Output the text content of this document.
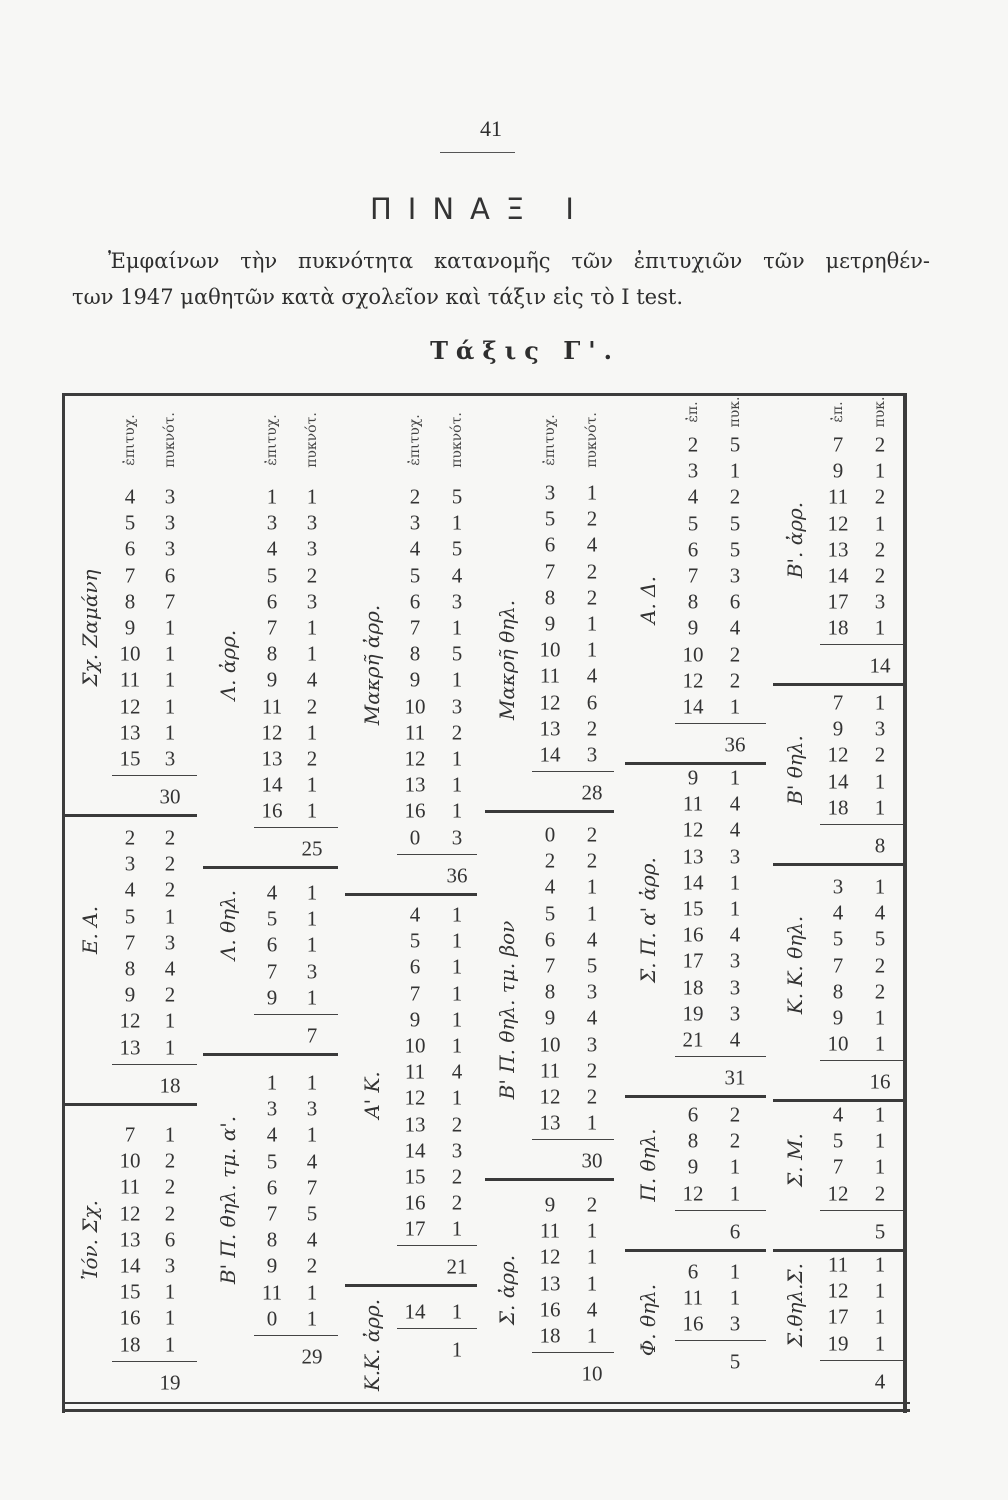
41
ΠΙΝΑΞ Ι
Ἐμφαίνων τὴν πυκνότητα κατανομῆς τῶν ἐπιτυχιῶν τῶν μετρηθέν-
των 1947 μαθητῶν κατὰ σχολεῖον καὶ τάξιν εἰς τὸ I test.
Τάξις Γ'.
ἐπιτυχ. πυκνότ.
Σχ. Ζαμάνη
4 3
5 3
6 3
7 6
8 7
9 1
10 1
11 1
12 1
13 1
15 3
30
Ε. Α.
2 2
3 2
4 2
5 1
7 3
8 4
9 2
12 1
13 1
18
Ἰόν. Σχ.
7 1
10 2
11 2
12 2
13 6
14 3
15 1
16 1
18 1
19
ἐπιτυχ. πυκνότ.
Λ. ἀρρ.
1 1
3 3
4 3
5 2
6 3
7 1
8 1
9 4
11 2
12 1
13 2
14 1
16 1
25
Λ. θηλ. 4 1
5 1
6 1
7 3
9 1
7
Β' Π. θηλ. τμ. α'.
1 1
3 3
4 1
5 4
6 7
7 5
8 4
9 2
11 1
0 1
29
ἐπιτυχ. πυκνότ.
Μακρῆ ἀρρ.
2 5
3 1
4 5
5 4
6 3
7 1
8 5
9 1
10 3
11 2
12 1
13 1
16 1
0 3
36
Α' Κ.
4 1
5 1
6 1
7 1
9 1
10 1
11 4
12 1
13 2
14 3
15 2
16 2
17 1
21
Κ.Κ. ἀρρ. 14 1
1
ἐπιτυχ. πυκνότ.
Μακρῆ θηλ.
3 1
5 2
6 4
7 2
8 2
9 1
10 1
11 4
12 6
13 2
14 3
28
Β' Π. θηλ. τμ. βον
0 2
2 2
4 1
5 1
6 4
7 5
8 3
9 4
10 3
11 2
12 2
13 1
30
Σ. ἀρρ.
9 2
11 1
12 1
13 1
16 4
18 1
10
ἐπ. πυκ.
Α. Δ.
2 5
3 1
4 2
5 5
6 5
7 3
8 6
9 4
10 2
12 2
14 1
36
Σ. Π. α' ἀρρ.
9 1
11 4
12 4
13 3
14 1
15 1
16 4
17 3
18 3
19 3
21 4
31
Π. θηλ.
6 2
8 2
9 1
12 1
6
Φ. θηλ.
6 1
11 1
16 3
5
ἐπ. πυκ.
Β'. ἀρρ.
7 2
9 1
11 2
12 1
13 2
14 2
17 3
18 1
14
Β' θηλ.
7 1
9 3
12 2
14 1
18 1
8
Κ. Κ. θηλ.
3 1
4 4
5 5
7 2
8 2
9 1
10 1
16
Σ. Μ.
4 1
5 1
7 1
12 2
5
Σ.θηλ.Σ. 11 1
12 1
17 1
19 1
4
